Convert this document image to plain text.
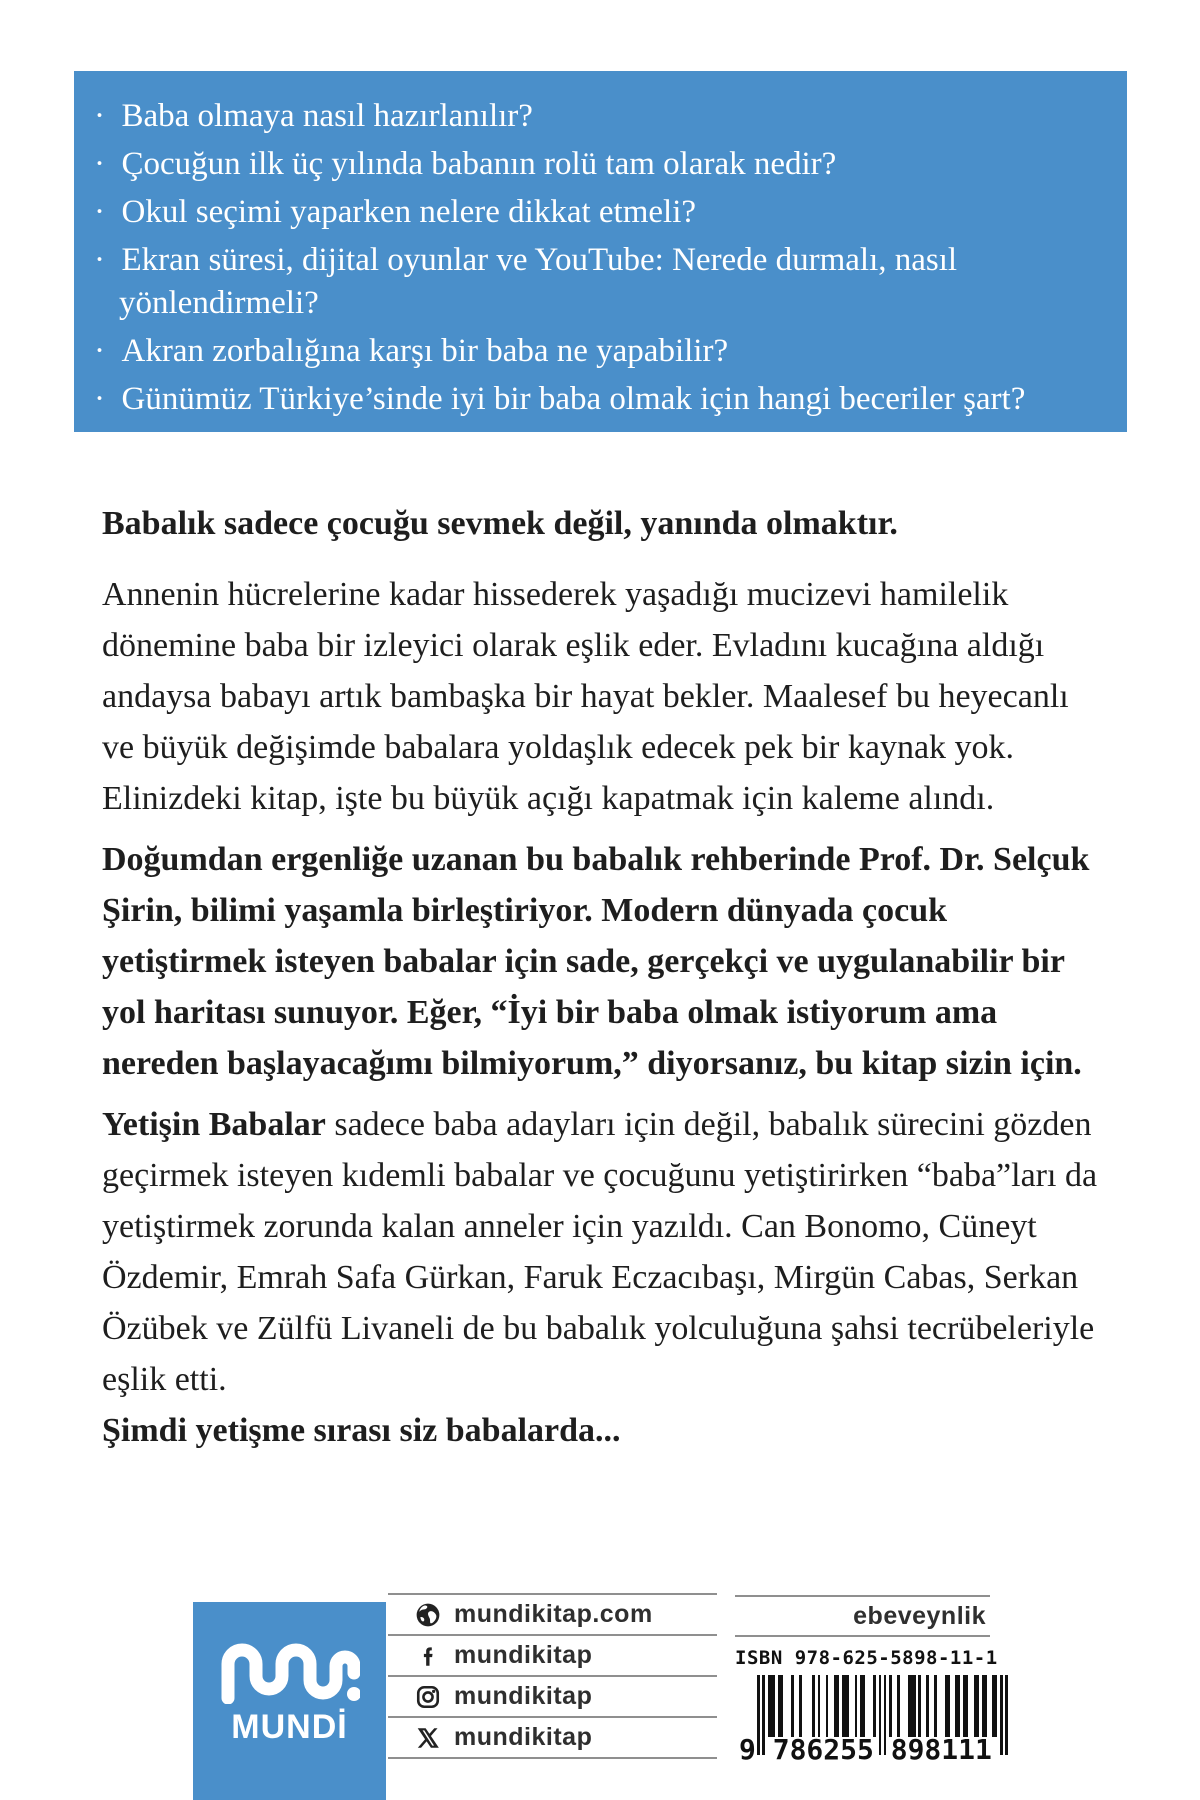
·  Baba olmaya nasıl hazırlanılır?
·  Çocuğun ilk üç yılında babanın rolü tam olarak nedir?
·  Okul seçimi yaparken nelere dikkat etmeli?
·  Ekran süresi, dijital oyunlar ve YouTube: Nerede durmalı, nasıl yönlendirmeli?
·  Akran zorbalığına karşı bir baba ne yapabilir?
·  Günümüz Türkiye’sinde iyi bir baba olmak için hangi beceriler şart?

Babalık sadece çocuğu sevmek değil, yanında olmaktır.

Annenin hücrelerine kadar hissederek yaşadığı mucizevi hamilelik dönemine baba bir izleyici olarak eşlik eder. Evladını kucağına aldığı andaysa babayı artık bambaşka bir hayat bekler. Maalesef bu heyecanlı ve büyük değişimde babalara yoldaşlık edecek pek bir kaynak yok. Elinizdeki kitap, işte bu büyük açığı kapatmak için kaleme alındı.

Doğumdan ergenliğe uzanan bu babalık rehberinde Prof. Dr. Selçuk Şirin, bilimi yaşamla birleştiriyor. Modern dünyada çocuk yetiştirmek isteyen babalar için sade, gerçekçi ve uygulanabilir bir yol haritası sunuyor. Eğer, “İyi bir baba olmak istiyorum ama nereden başlayacağımı bilmiyorum,” diyorsanız, bu kitap sizin için.

Yetişin Babalar sadece baba adayları için değil, babalık sürecini gözden geçirmek isteyen kıdemli babalar ve çocuğunu yetiştirirken “baba”ları da yetiştirmek zorunda kalan anneler için yazıldı. Can Bonomo, Cüneyt Özdemir, Emrah Safa Gürkan, Faruk Eczacıbaşı, Mirgün Cabas, Serkan Özübek ve Zülfü Livaneli de bu babalık yolculuğuna şahsi tecrübeleriyle eşlik etti.

Şimdi yetişme sırası siz babalarda...

MUNDİ
mundikitap.com
mundikitap
mundikitap
mundikitap
ebeveynlik
ISBN 978-625-5898-11-1
9 786255 898111
